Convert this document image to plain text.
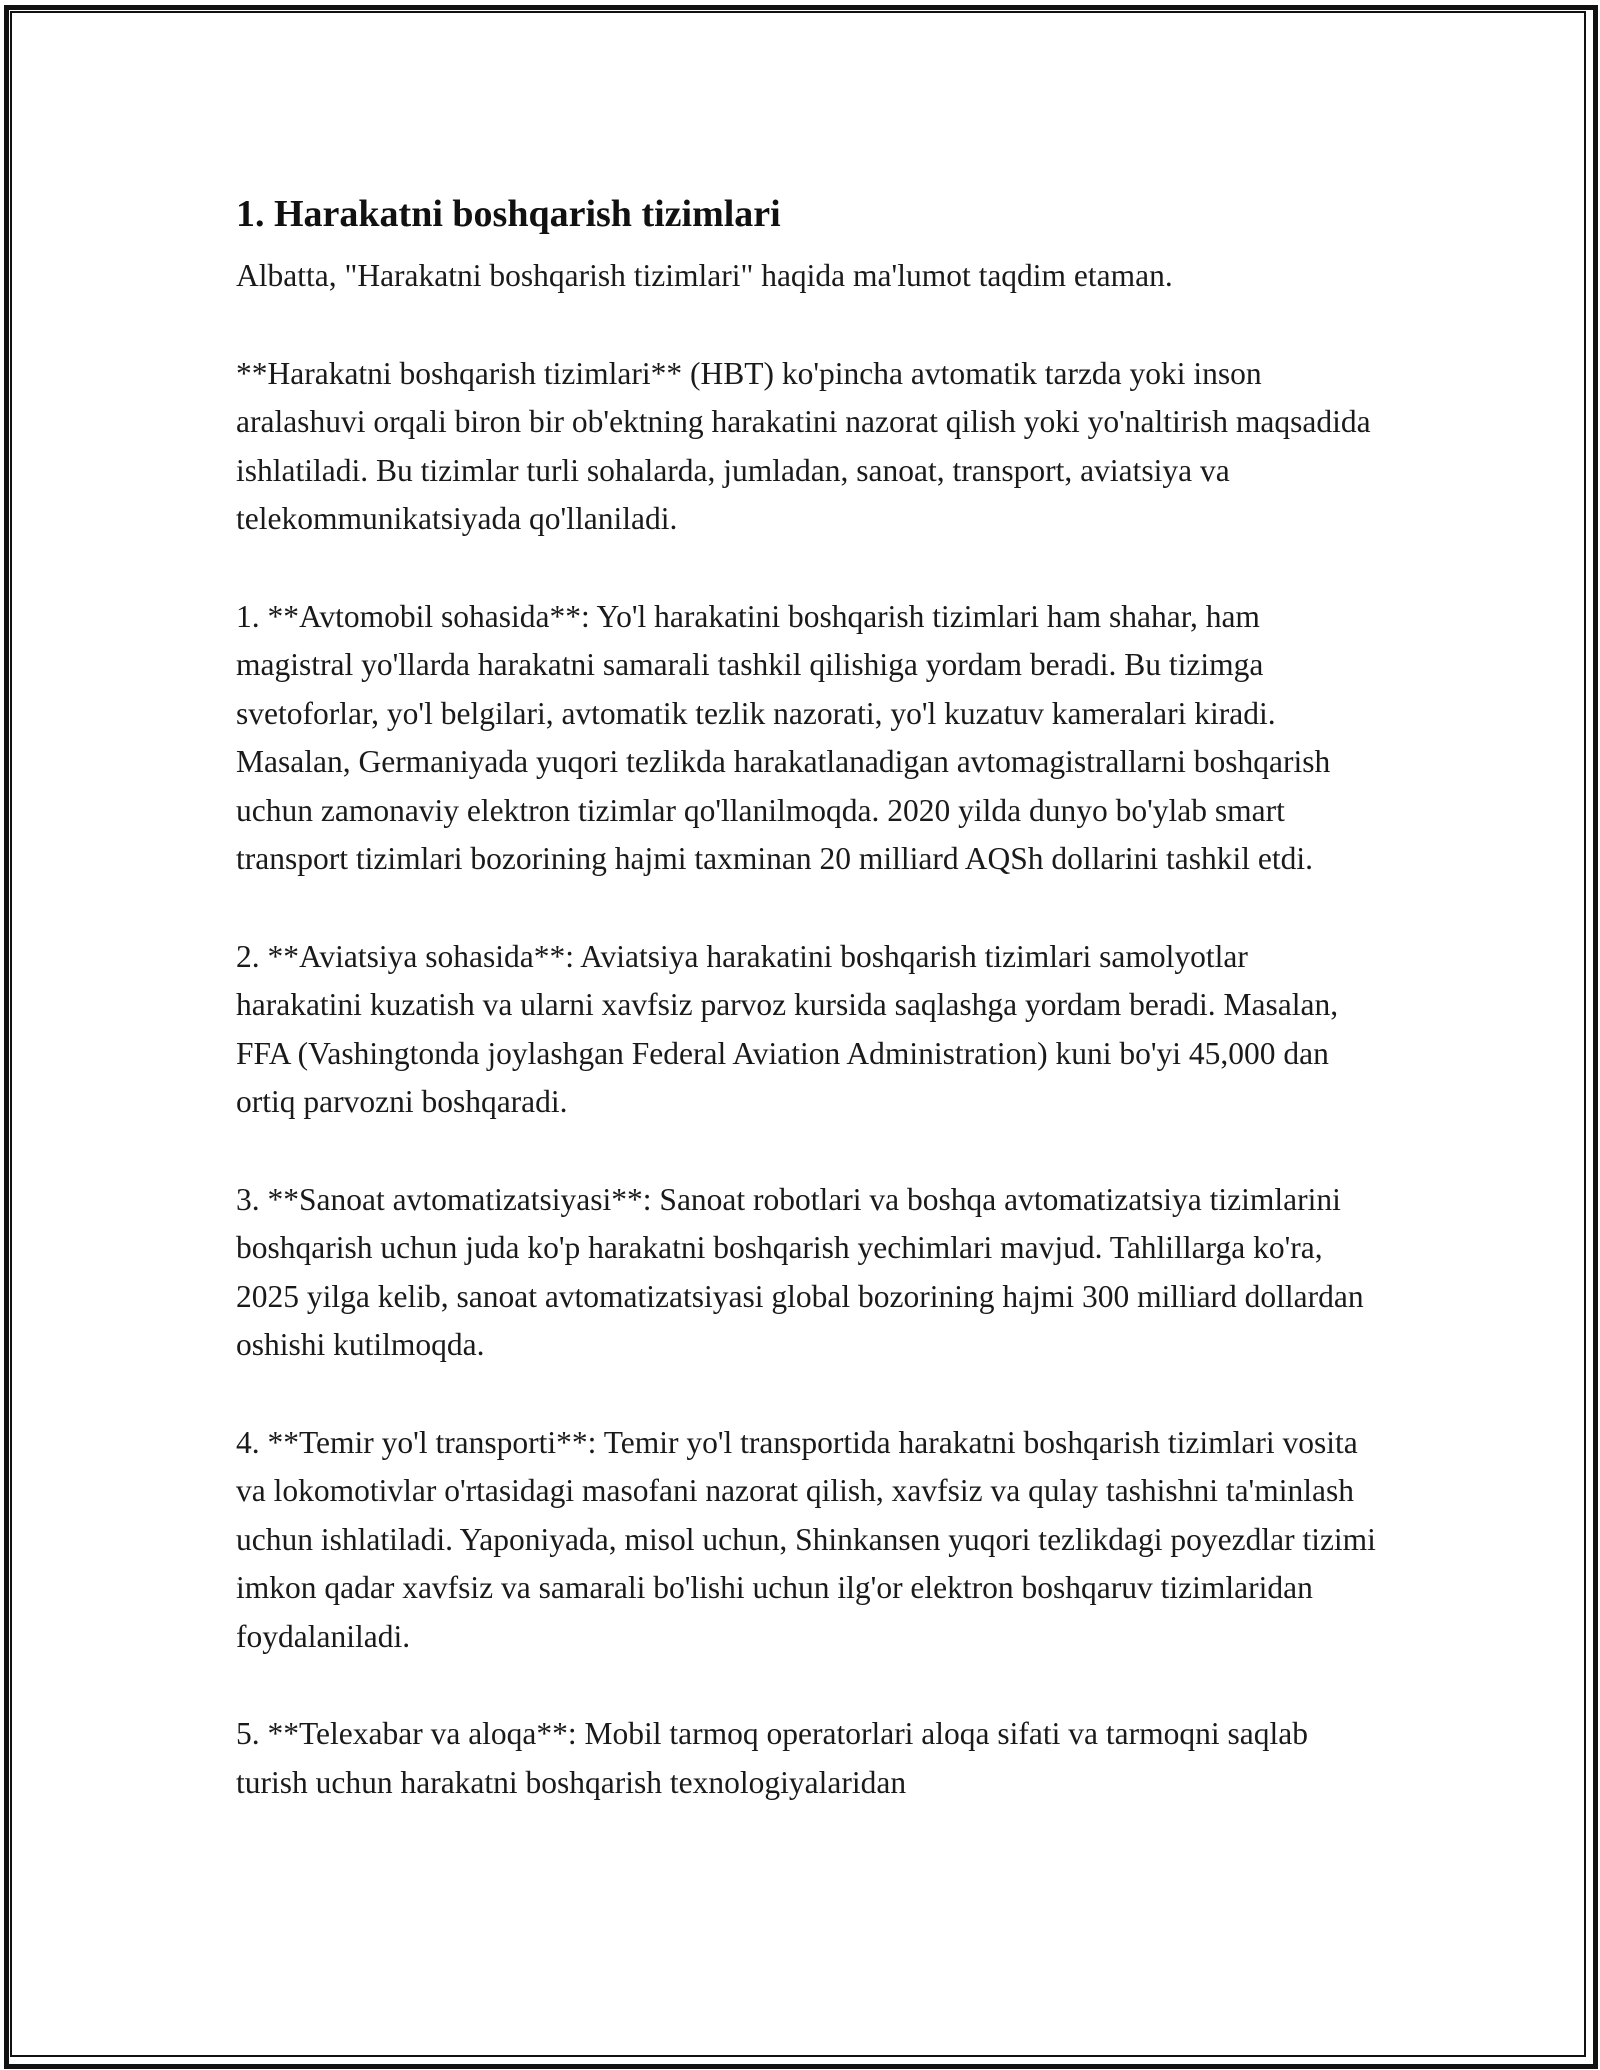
1. Harakatni boshqarish tizimlari

Albatta, "Harakatni boshqarish tizimlari" haqida ma'lumot taqdim etaman.

**Harakatni boshqarish tizimlari** (HBT) ko'pincha avtomatik tarzda yoki inson aralashuvi orqali biron bir ob'ektning harakatini nazorat qilish yoki yo'naltirish maqsadida ishlatiladi. Bu tizimlar turli sohalarda, jumladan, sanoat, transport, aviatsiya va telekommunikatsiyada qo'llaniladi.

1. **Avtomobil sohasida**: Yo'l harakatini boshqarish tizimlari ham shahar, ham magistral yo'llarda harakatni samarali tashkil qilishiga yordam beradi. Bu tizimga svetoforlar, yo'l belgilari, avtomatik tezlik nazorati, yo'l kuzatuv kameralari kiradi. Masalan, Germaniyada yuqori tezlikda harakatlanadigan avtomagistrallarni boshqarish uchun zamonaviy elektron tizimlar qo'llanilmoqda. 2020 yilda dunyo bo'ylab smart transport tizimlari bozorining hajmi taxminan 20 milliard AQSh dollarini tashkil etdi.

2. **Aviatsiya sohasida**: Aviatsiya harakatini boshqarish tizimlari samolyotlar harakatini kuzatish va ularni xavfsiz parvoz kursida saqlashga yordam beradi. Masalan, FFA (Vashingtonda joylashgan Federal Aviation Administration) kuni bo'yi 45,000 dan ortiq parvozni boshqaradi.

3. **Sanoat avtomatizatsiyasi**: Sanoat robotlari va boshqa avtomatizatsiya tizimlarini boshqarish uchun juda ko'p harakatni boshqarish yechimlari mavjud. Tahlillarga ko'ra, 2025 yilga kelib, sanoat avtomatizatsiyasi global bozorining hajmi 300 milliard dollardan oshishi kutilmoqda.

4. **Temir yo'l transporti**: Temir yo'l transportida harakatni boshqarish tizimlari vosita va lokomotivlar o'rtasidagi masofani nazorat qilish, xavfsiz va qulay tashishni ta'minlash uchun ishlatiladi. Yaponiyada, misol uchun, Shinkansen yuqori tezlikdagi poyezdlar tizimi imkon qadar xavfsiz va samarali bo'lishi uchun ilg'or elektron boshqaruv tizimlaridan foydalaniladi.

5. **Telexabar va aloqa**: Mobil tarmoq operatorlari aloqa sifati va tarmoqni saqlab turish uchun harakatni boshqarish texnologiyalaridan
